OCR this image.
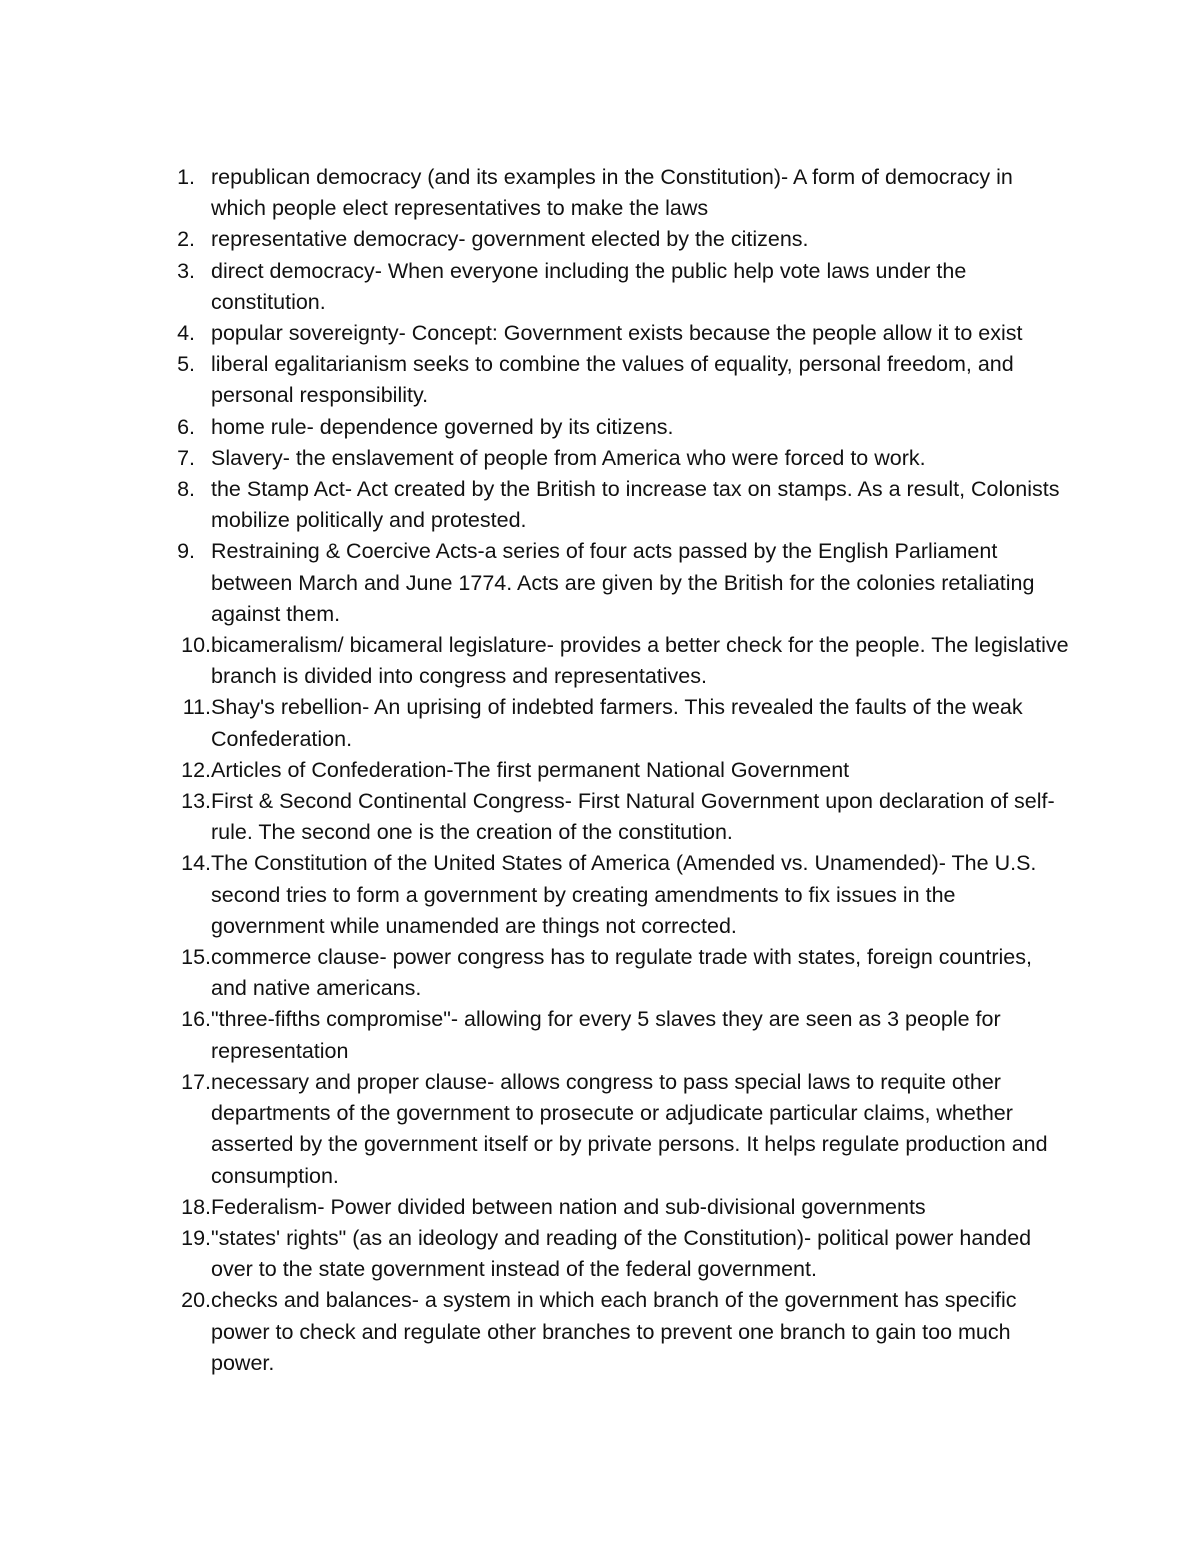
1. republican democracy (and its examples in the Constitution)- A form of democracy in which people elect representatives to make the laws
2. representative democracy- government elected by the citizens.
3. direct democracy- When everyone including the public help vote laws under the constitution.
4. popular sovereignty- Concept: Government exists because the people allow it to exist
5. liberal egalitarianism seeks to combine the values of equality, personal freedom, and personal responsibility.
6. home rule- dependence governed by its citizens.
7. Slavery- the enslavement of people from America who were forced to work.
8. the Stamp Act- Act created by the British to increase tax on stamps. As a result, Colonists mobilize politically and protested.
9. Restraining & Coercive Acts-a series of four acts passed by the English Parliament between March and June 1774. Acts are given by the British for the colonies retaliating against them.
10. bicameralism/ bicameral legislature- provides a better check for the people. The legislative branch is divided into congress and representatives.
11. Shay's rebellion- An uprising of indebted farmers. This revealed the faults of the weak Confederation.
12. Articles of Confederation-The first permanent National Government
13. First & Second Continental Congress- First Natural Government upon declaration of self-rule. The second one is the creation of the constitution.
14. The Constitution of the United States of America (Amended vs. Unamended)- The U.S. second tries to form a government by creating amendments to fix issues in the government while unamended are things not corrected.
15. commerce clause- power congress has to regulate trade with states, foreign countries, and native americans.
16. "three-fifths compromise"- allowing for every 5 slaves they are seen as 3 people for representation
17. necessary and proper clause- allows congress to pass special laws to requite other departments of the government to prosecute or adjudicate particular claims, whether asserted by the government itself or by private persons. It helps regulate production and consumption.
18. Federalism- Power divided between nation and sub-divisional governments
19. "states' rights" (as an ideology and reading of the Constitution)- political power handed over to the state government instead of the federal government.
20. checks and balances- a system in which each branch of the government has specific power to check and regulate other branches to prevent one branch to gain too much power.
